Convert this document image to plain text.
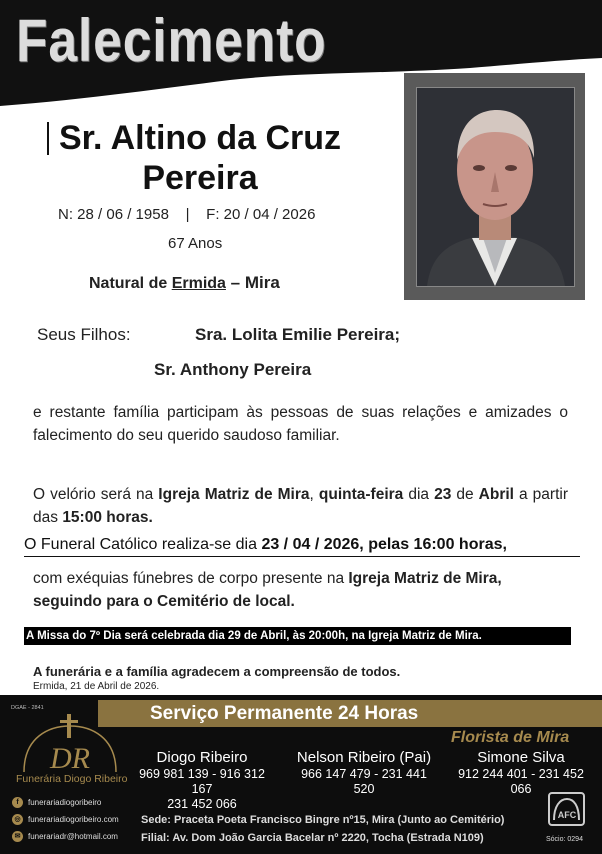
Falecimento
Sr. Altino da Cruz
Pereira
N: 28 / 06 / 1958    |    F: 20 / 04 / 2026
67 Anos
Natural de Ermida – Mira
Seus Filhos:	Sra. Lolita Emilie Pereira;
Sr. Anthony Pereira
e restante família participam às pessoas de suas relações e amizades o falecimento do seu querido saudoso familiar.
O velório será na Igreja Matriz de Mira, quinta-feira dia 23 de Abril a partir das 15:00 horas.
O Funeral Católico realiza-se dia 23 / 04 / 2026, pelas 16:00 horas,
com exéquias fúnebres de corpo presente na Igreja Matriz de Mira,
seguindo para o Cemitério de local.
A Missa do 7º Dia será celebrada dia 29 de Abril, às 20:00h, na Igreja Matriz de Mira.
A funerária e a família agradecem a compreensão de todos.
Ermida, 21 de Abril de 2026.
DGAE - 2841	Serviço Permanente 24 Horas
Florista de Mira
DR
Funerária Diogo Ribeiro
Diogo Ribeiro
969 981 139 - 916 312 167
231 452 066
Nelson Ribeiro (Pai)
966 147 479 - 231 441 520
Simone Silva
912 244 401 - 231 452 066
f	funerariadiogoribeiro
◎ funerariadiogoribeiro.com
✉ funerariadr@hotmail.com
Sede: Praceta Poeta Francisco Bingre nº15, Mira (Junto ao Cemitério)
Filial: Av. Dom João Garcia Bacelar nº 2220, Tocha (Estrada N109)
AFC
Sócio: 0294
